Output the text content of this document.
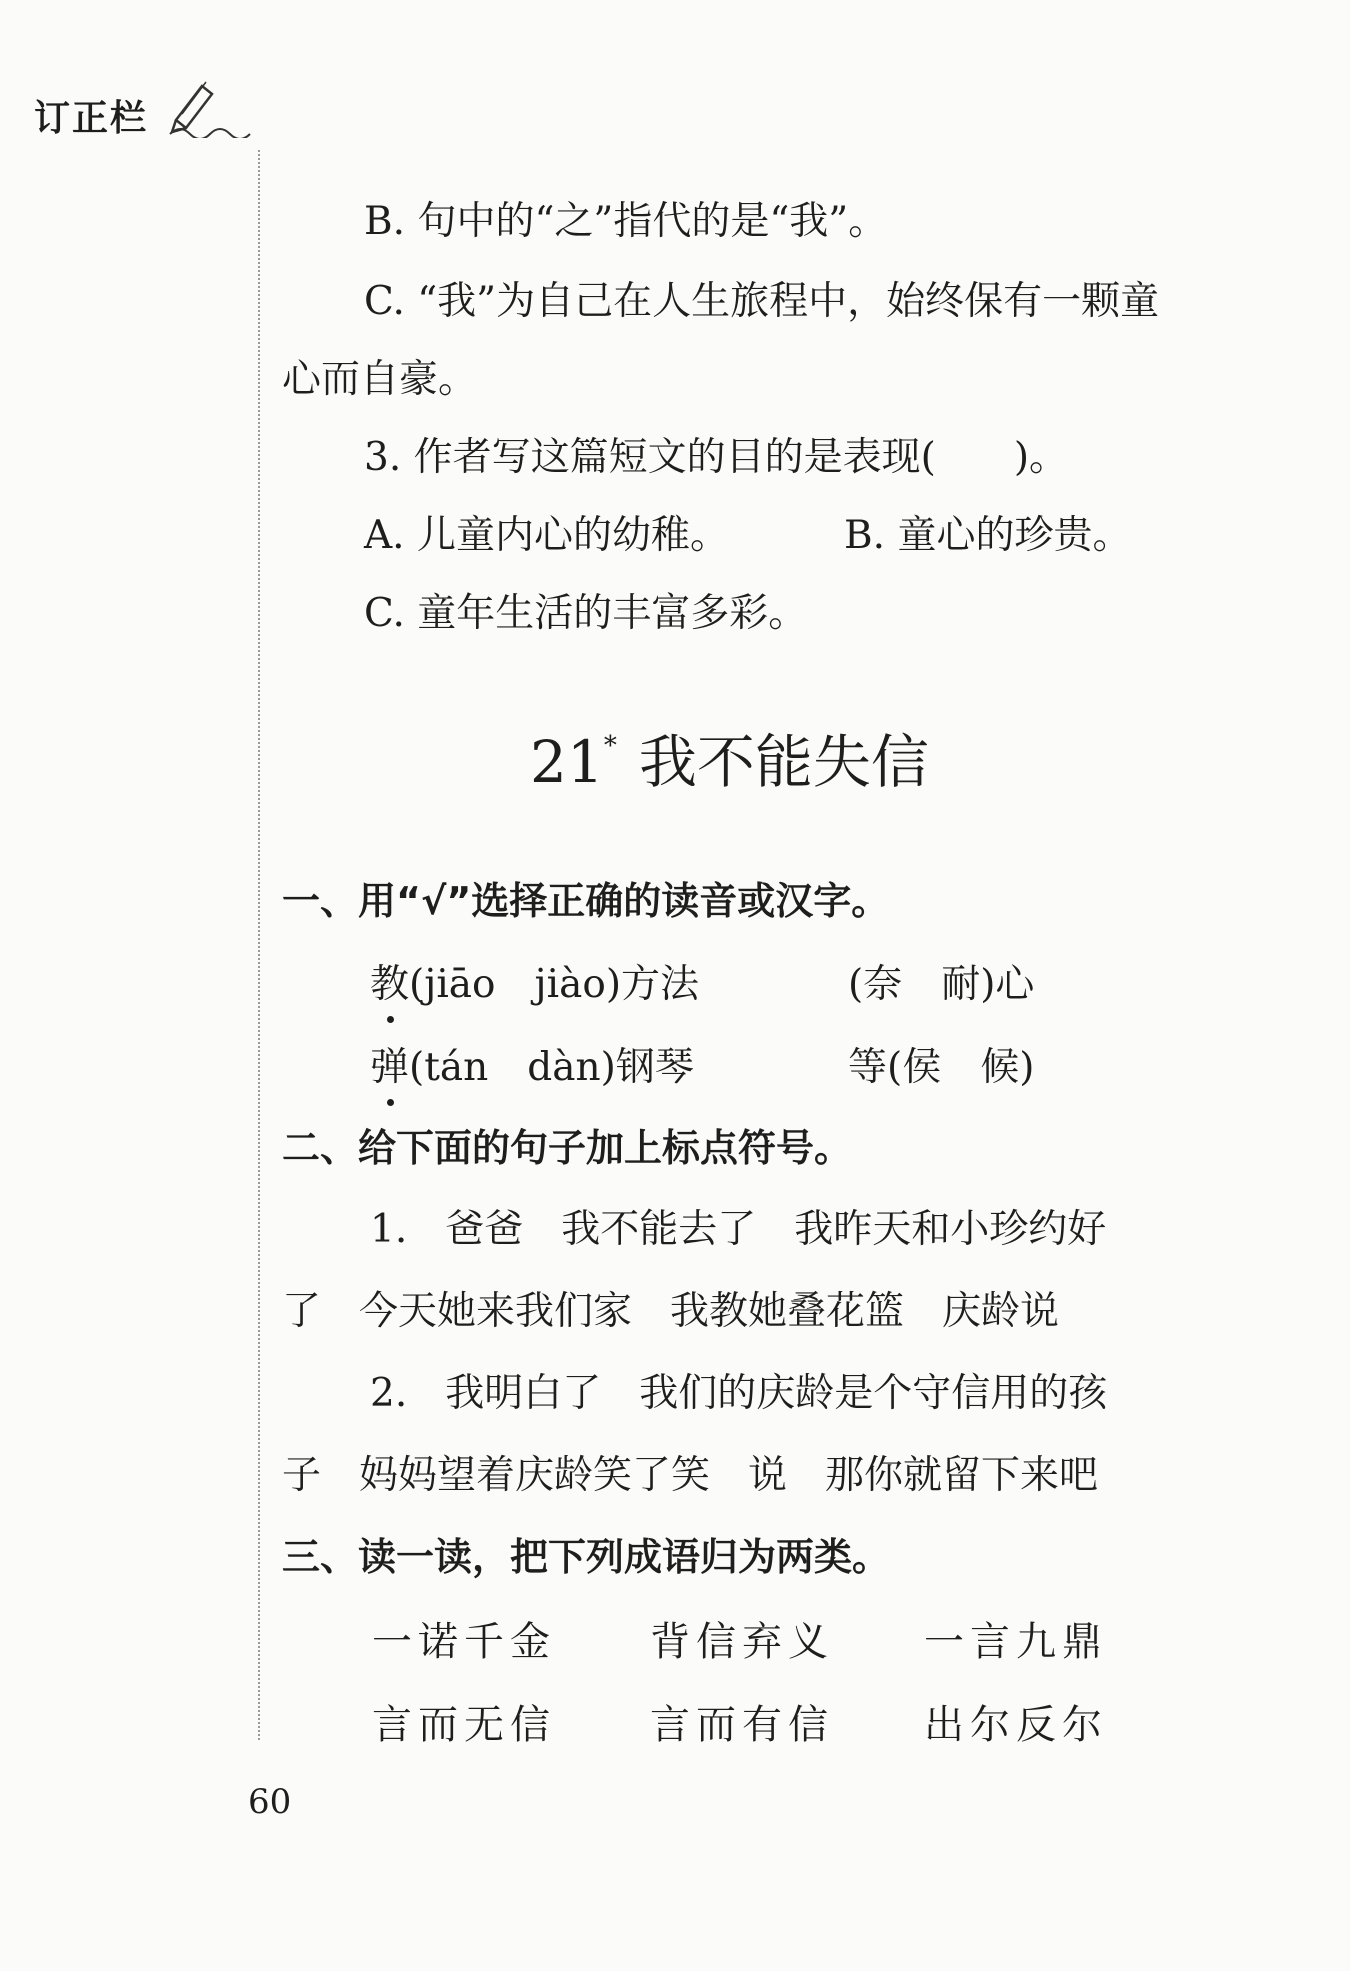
订正栏
B. 句中的“之”指代的是“我”。
C. “我”为自己在人生旅程中，始终保有一颗童
心而自豪。
3. 作者写这篇短文的目的是表现(　　)。
A. 儿童内心的幼稚。	B. 童心的珍贵。
C. 童年生活的丰富多彩。
21* 我不能失信
一、用“√”选择正确的读音或汉字。
教(jiāo　jiào)方法	(奈　耐)心
弹(tán　dàn)钢琴	等(侯　候)
二、给下面的句子加上标点符号。
1. 爸爸 我不能去了 我昨天和小珍约好
了 今天她来我们家 我教她叠花篮 庆龄说
2. 我明白了 我们的庆龄是个守信用的孩
子 妈妈望着庆龄笑了笑 说 那你就留下来吧
三、读一读，把下列成语归为两类。
一诺千金 背信弃义 一言九鼎
言而无信 言而有信 出尔反尔
60
